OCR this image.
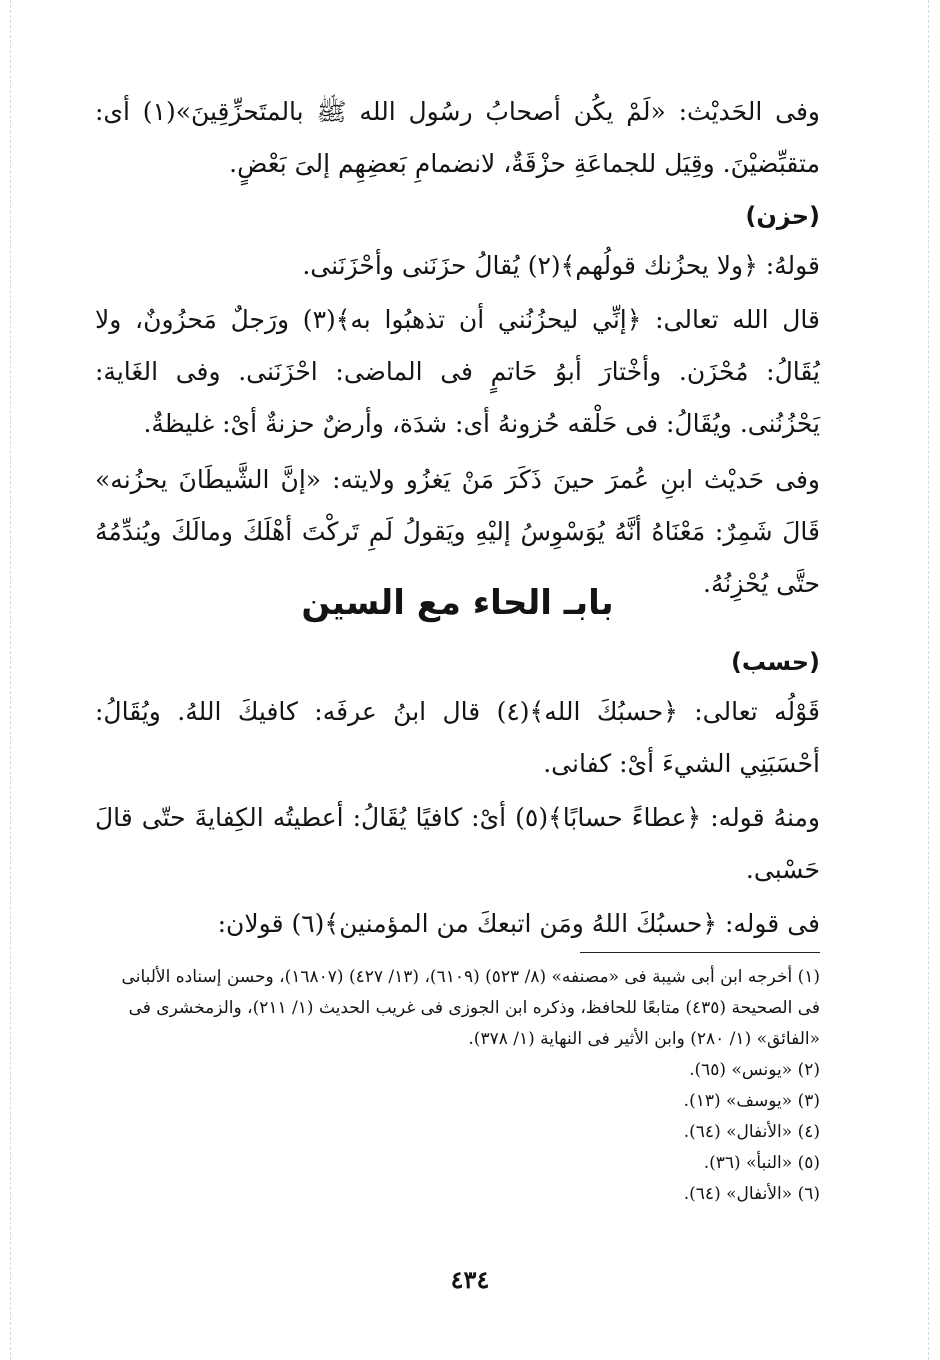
وفى الحَديْث: «لَمْ يكُن أصحابُ رسُول الله ﷺ بالمتَحزِّقِينَ»(١) أى: متقبِّضيْنَ. وقِيَل للجماعَةِ حزْقَةٌ، لانضمامِ بَعضِهِم إلىَ بَعْضٍ.

(حزن)

قولهُ: ﴿ولا يحزُنك قولُهم﴾(٢) يُقالُ حزَنَنى وأحْزَنَنى.

قال الله تعالى: ﴿إنِّي ليحزُنُني أن تذهبُوا به﴾(٣) ورَجلٌ مَحزُونٌ، ولا يُقَالُ: مُحْزَن. وأخْتارَ أبوُ حَاتمٍ فى الماضى: احْزَنَنى. وفى الغَاية: يَحْزُنُنى. ويُقَالُ: فى حَلْقه حُزونهُ أى: شدَة، وأرضٌ حزنةٌ أىْ: غليظةٌ.

وفى حَديْث ابنِ عُمرَ حينَ ذَكَرَ مَنْ يَغزُو ولايته: «إنَّ الشَّيطَانَ يحزُنه» قَالَ شَمِرٌ: مَعْنَاهُ أنَّهُ يُوَسْوِسُ إليْهِ ويَقولُ لَمِ تَركْتَ أهْلَكَ ومالَكَ ويُندِّمُهُ حتَّى يُحْزِنُهُ.

بابـ الحاء مع السين

(حسب)

قَوْلُه تعالى: ﴿حسبُكَ الله﴾(٤) قال ابنُ عرفَه: كافيكَ اللهُ. ويُقَالُ: أحْسَبَنِي الشيءَ أىْ: كفانى.

ومنهُ قوله: ﴿عطاءً حسابًا﴾(٥) أىْ: كافيًا يُقَالُ: أعطيتُه الكِفايةَ حتّى قالَ حَسْبى.

فى قوله: ﴿حسبُكَ اللهُ ومَن اتبعكَ من المؤمنين﴾(٦) قولان:

(١) أخرجه ابن أبى شيبة فى «مصنفه» (٨/ ٥٢٣) (٦١٠٩)، (١٣/ ٤٢٧) (١٦٨٠٧)، وحسن إسناده الألبانى فى الصحيحة (٤٣٥) متابعًا للحافظ، وذكره ابن الجوزى فى غريب الحديث (١/ ٢١١)، والزمخشرى فى «الفائق» (١/ ٢٨٠) وابن الأثير فى النهاية (١/ ٣٧٨).

(٢) «يونس» (٦٥).

(٣) «يوسف» (١٣).

(٤) «الأنفال» (٦٤).

(٥) «النبأ» (٣٦).

(٦) «الأنفال» (٦٤).

٤٣٤
